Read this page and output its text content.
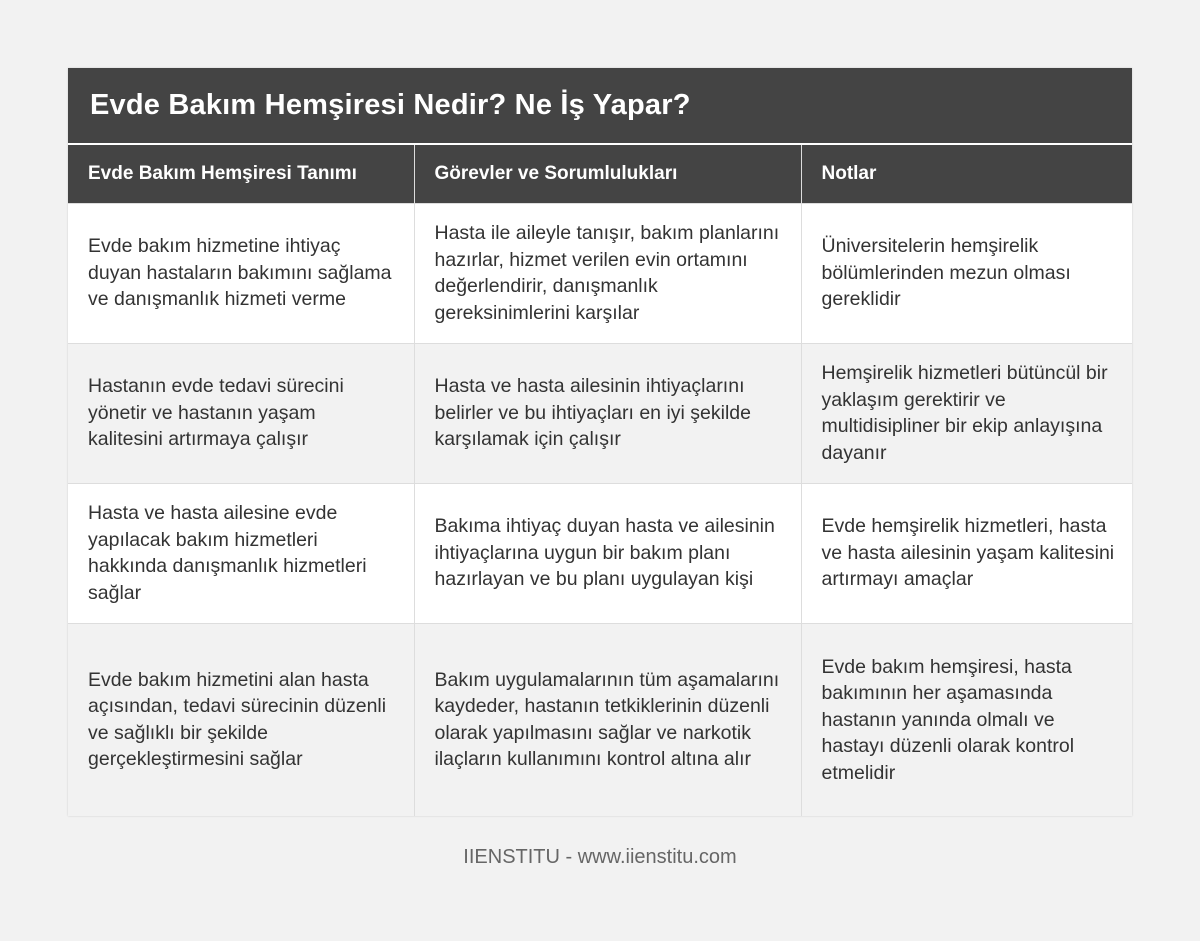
Evde Bakım Hemşiresi Nedir? Ne İş Yapar?
Evde Bakım Hemşiresi Tanımı	Görevler ve Sorumlulukları	Notlar
Evde bakım hizmetine ihtiyaç duyan hastaların bakımını sağlama ve danışmanlık hizmeti verme	Hasta ile aileyle tanışır, bakım planlarını hazırlar, hizmet verilen evin ortamını değerlendirir, danışmanlık gereksinimlerini karşılar	Üniversitelerin hemşirelik bölümlerinden mezun olması gereklidir
Hastanın evde tedavi sürecini yönetir ve hastanın yaşam kalitesini artırmaya çalışır	Hasta ve hasta ailesinin ihtiyaçlarını belirler ve bu ihtiyaçları en iyi şekilde karşılamak için çalışır	Hemşirelik hizmetleri bütüncül bir yaklaşım gerektirir ve multidisipliner bir ekip anlayışına dayanır
Hasta ve hasta ailesine evde yapılacak bakım hizmetleri hakkında danışmanlık hizmetleri sağlar	Bakıma ihtiyaç duyan hasta ve ailesinin ihtiyaçlarına uygun bir bakım planı hazırlayan ve bu planı uygulayan kişi	Evde hemşirelik hizmetleri, hasta ve hasta ailesinin yaşam kalitesini artırmayı amaçlar
Evde bakım hizmetini alan hasta açısından, tedavi sürecinin düzenli ve sağlıklı bir şekilde gerçekleştirmesini sağlar	Bakım uygulamalarının tüm aşamalarını kaydeder, hastanın tetkiklerinin düzenli olarak yapılmasını sağlar ve narkotik ilaçların kullanımını kontrol altına alır	Evde bakım hemşiresi, hasta bakımının her aşamasında hastanın yanında olmalı ve hastayı düzenli olarak kontrol etmelidir
IIENSTITU - www.iienstitu.com
